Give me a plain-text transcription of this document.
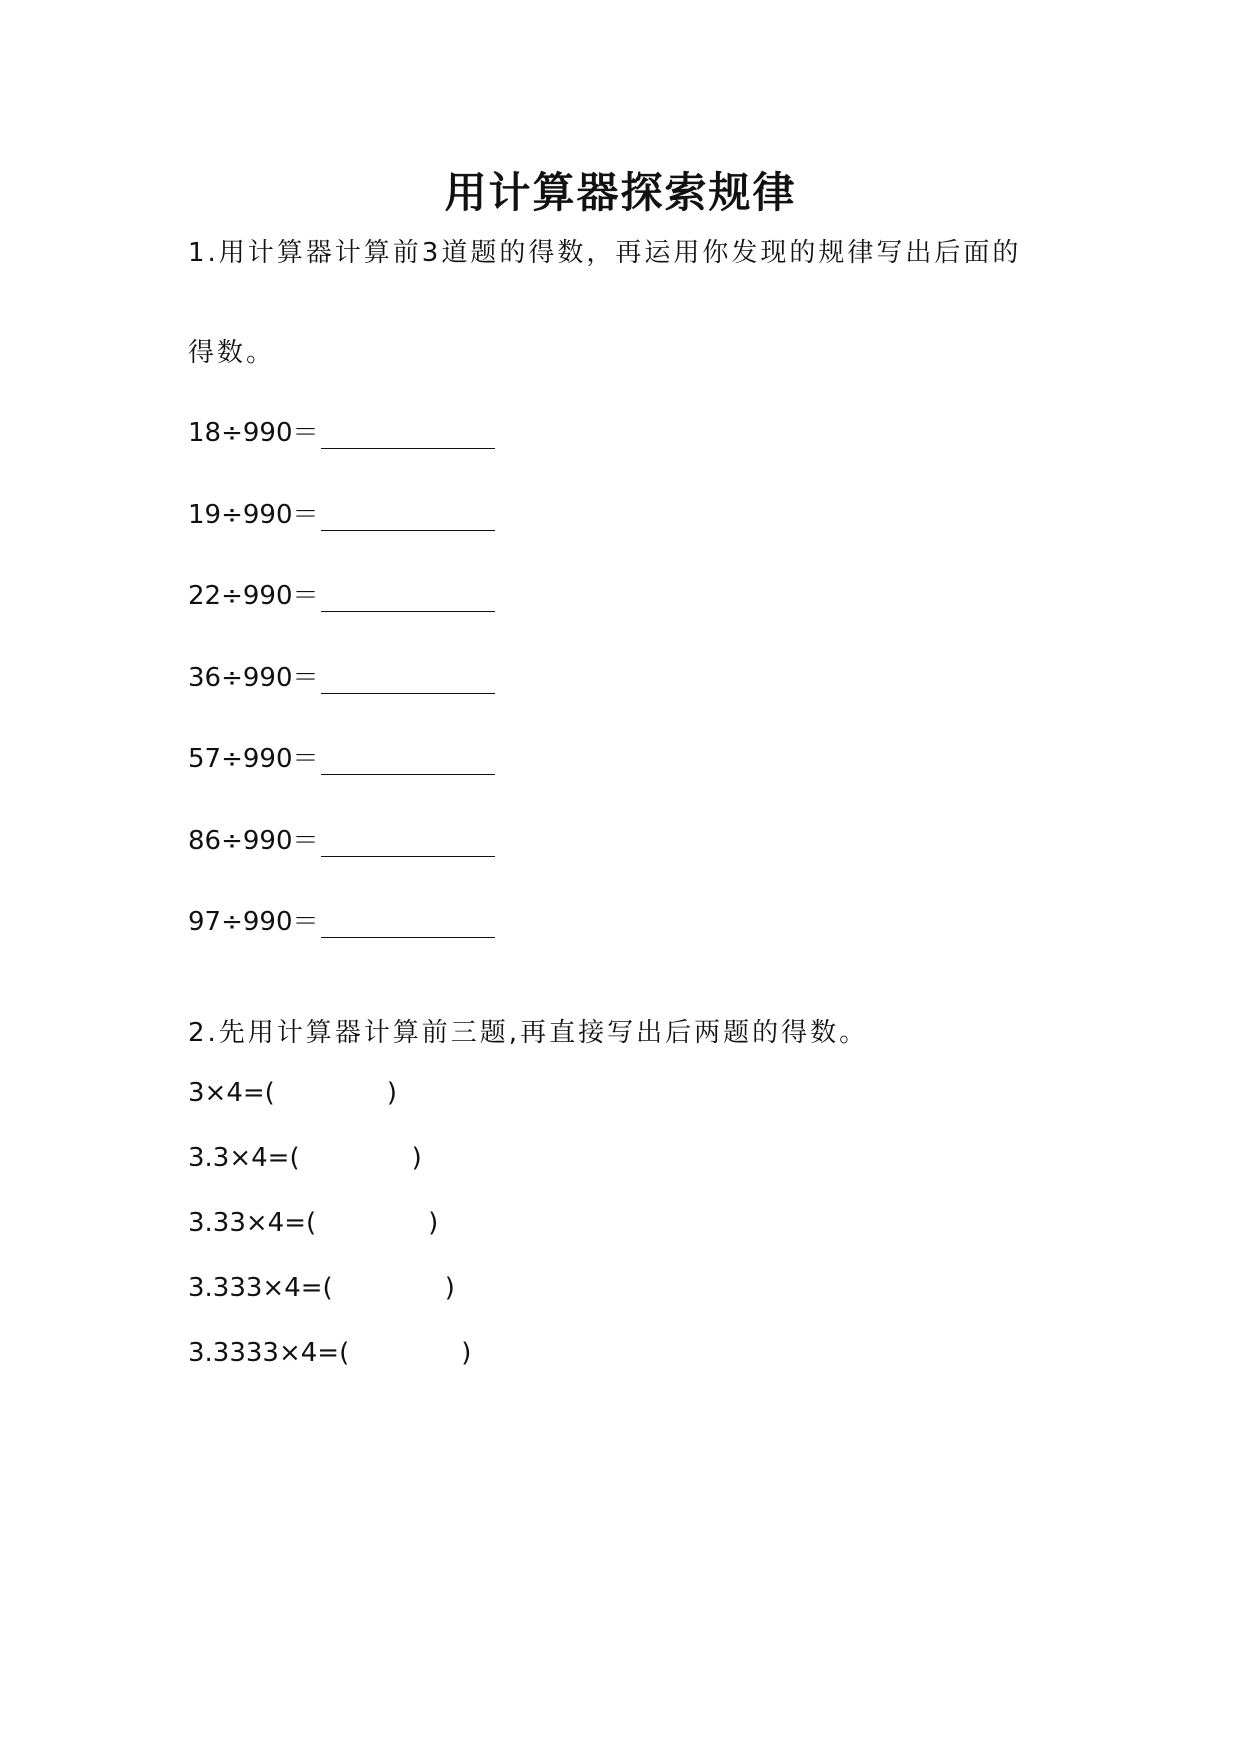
用计算器探索规律
1.用计算器计算前3道题的得数，再运用你发现的规律写出后面的
得数。
18÷990＝
19÷990＝
22÷990＝
36÷990＝
57÷990＝
86÷990＝
97÷990＝
2.先用计算器计算前三题,再直接写出后两题的得数。
3×4=(	)
3.3×4=(	)
3.33×4=(	)
3.333×4=(	)
3.3333×4=(	)
